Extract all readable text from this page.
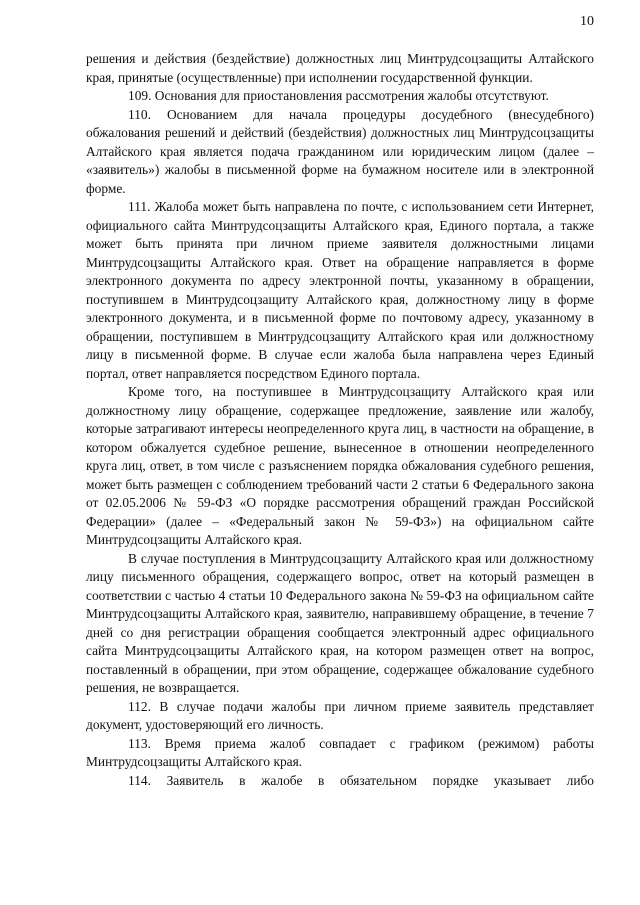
10

решения и действия (бездействие) должностных лиц Минтрудсоцзащиты Алтайского края, принятые (осуществленные) при исполнении государственной функции.

109. Основания для приостановления рассмотрения жалобы отсутствуют.

110. Основанием для начала процедуры досудебного (внесудебного) обжалования решений и действий (бездействия) должностных лиц Минтрудсоцзащиты Алтайского края является подача гражданином или юридическим лицом (далее – «заявитель») жалобы в письменной форме на бумажном носителе или в электронной форме.

111. Жалоба может быть направлена по почте, с использованием сети Интернет, официального сайта Минтрудсоцзащиты Алтайского края, Единого портала, а также может быть принята при личном приеме заявителя должностными лицами Минтрудсоцзащиты Алтайского края. Ответ на обращение направляется в форме электронного документа по адресу электронной почты, указанному в обращении, поступившем в Минтрудсоцзащиту Алтайского края, должностному лицу в форме электронного документа, и в письменной форме по почтовому адресу, указанному в обращении, поступившем в Минтрудсоцзащиту Алтайского края или должностному лицу в письменной форме. В случае если жалоба была направлена через Единый портал, ответ направляется посредством Единого портала.

Кроме того, на поступившее в Минтрудсоцзащиту Алтайского края или должностному лицу обращение, содержащее предложение, заявление или жалобу, которые затрагивают интересы неопределенного круга лиц, в частности на обращение, в котором обжалуется судебное решение, вынесенное в отношении неопределенного круга лиц, ответ, в том числе с разъяснением порядка обжалования судебного решения, может быть размещен с соблюдением требований части 2 статьи 6 Федерального закона от 02.05.2006 № 59-ФЗ «О порядке рассмотрения обращений граждан Российской Федерации» (далее – «Федеральный закон № 59-ФЗ») на официальном сайте Минтрудсоцзащиты Алтайского края.

В случае поступления в Минтрудсоцзащиту Алтайского края или должностному лицу письменного обращения, содержащего вопрос, ответ на который размещен в соответствии с частью 4 статьи 10 Федерального закона № 59-ФЗ на официальном сайте Минтрудсоцзащиты Алтайского края, заявителю, направившему обращение, в течение 7 дней со дня регистрации обращения сообщается электронный адрес официального сайта Минтрудсоцзащиты Алтайского края, на котором размещен ответ на вопрос, поставленный в обращении, при этом обращение, содержащее обжалование судебного решения, не возвращается.

112. В случае подачи жалобы при личном приеме заявитель представляет документ, удостоверяющий его личность.

113. Время приема жалоб совпадает с графиком (режимом) работы Минтрудсоцзащиты Алтайского края.

114. Заявитель в жалобе в обязательном порядке указывает либо
